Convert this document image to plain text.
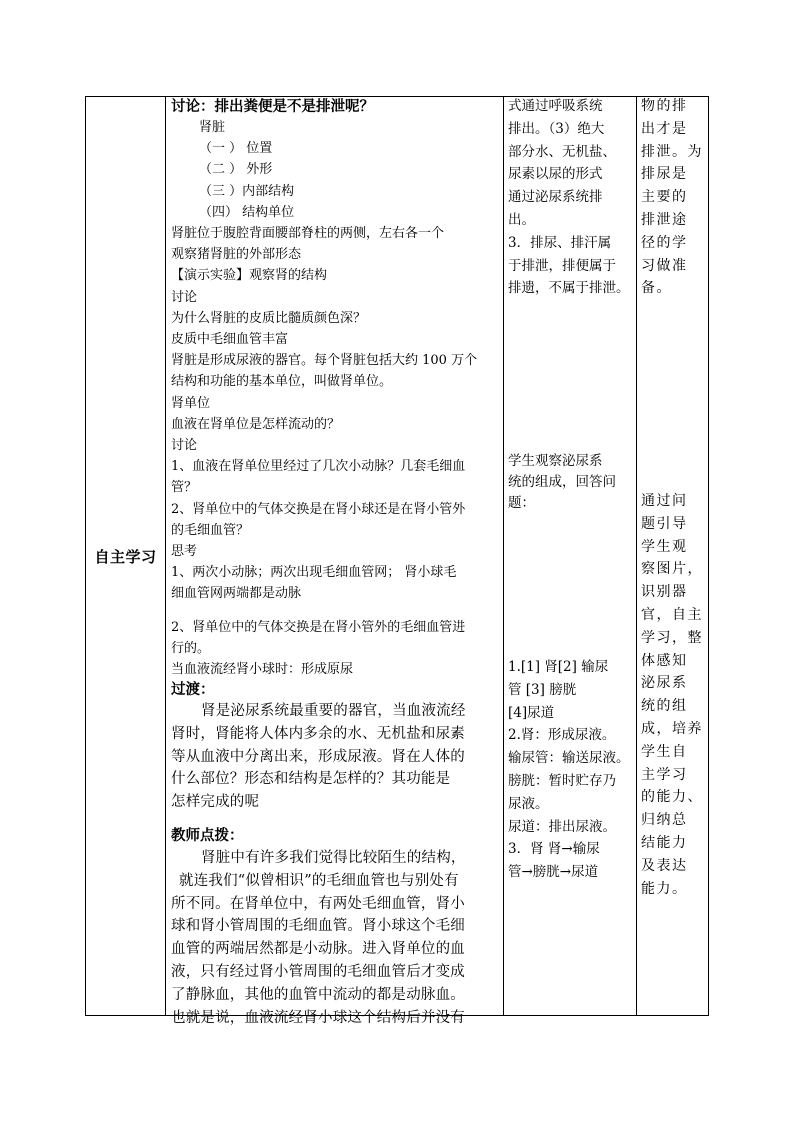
自主学习	
讨论：排出粪便是不是排泄呢？
肾脏
（一 ） 位置
（二 ） 外形
（三 ）内部结构
（四） 结构单位
肾脏位于腹腔背面腰部脊柱的两侧，左右各一个
观察猪肾脏的外部形态
【演示实验】观察肾的结构
讨论
为什么肾脏的皮质比髓质颜色深？
皮质中毛细血管丰富
肾脏是形成尿液的器官。每个肾脏包括大约 100 万个
结构和功能的基本单位，叫做肾单位。
肾单位
血液在肾单位是怎样流动的？
讨论
1、血液在肾单位里经过了几次小动脉？几套毛细血
管？
2、肾单位中的气体交换是在肾小球还是在肾小管外
的毛细血管？
思考
1、两次小动脉；两次出现毛细血管网； 肾小球毛
细血管网两端都是动脉
2、肾单位中的气体交换是在肾小管外的毛细血管进
行的。
当血液流经肾小球时：形成原尿
过渡：
肾是泌尿系统最重要的器官，当血液流经
肾时，肾能将人体内多余的水、无机盐和尿素
等从血液中分离出来，形成尿液。肾在人体的
什么部位？形态和结构是怎样的？其功能是
怎样完成的呢
教师点拨：
肾脏中有许多我们觉得比较陌生的结构，
就连我们“似曾相识”的毛细血管也与别处有
所不同。在肾单位中，有两处毛细血管，肾小
球和肾小管周围的毛细血管。肾小球这个毛细
血管的两端居然都是小动脉。进入肾单位的血
液，只有经过肾小管周围的毛细血管后才变成
了静脉血，其他的血管中流动的都是动脉血。
也就是说，血液流经肾小球这个结构后并没有

式通过呼吸系统
排出。（3）绝大
部分水、无机盐、
尿素以尿的形式
通过泌尿系统排
出。
3．排尿、排汗属
于排泄，排便属于
排遗，不属于排泄。
学生观察泌尿系
统的组成，回答问
题：
1.[1] 肾[2] 输尿
管 [3] 膀胱
[4]尿道
2.肾：形成尿液。
输尿管：输送尿液。
膀胱：暂时贮存乃
尿液。
尿道：排出尿液。
3．肾 肾→输尿
管→膀胱→尿道

物的排
出才是
排泄。为
排尿是
主要的
排泄途
径的学
习做准
备。
通过问
题引导
学生观
察图片，
识别器
官，自主
学习，整
体感知
泌尿系
统的组
成，培养
学生自
主学习
的能力、
归纳总
结能力
及表达
能力。
